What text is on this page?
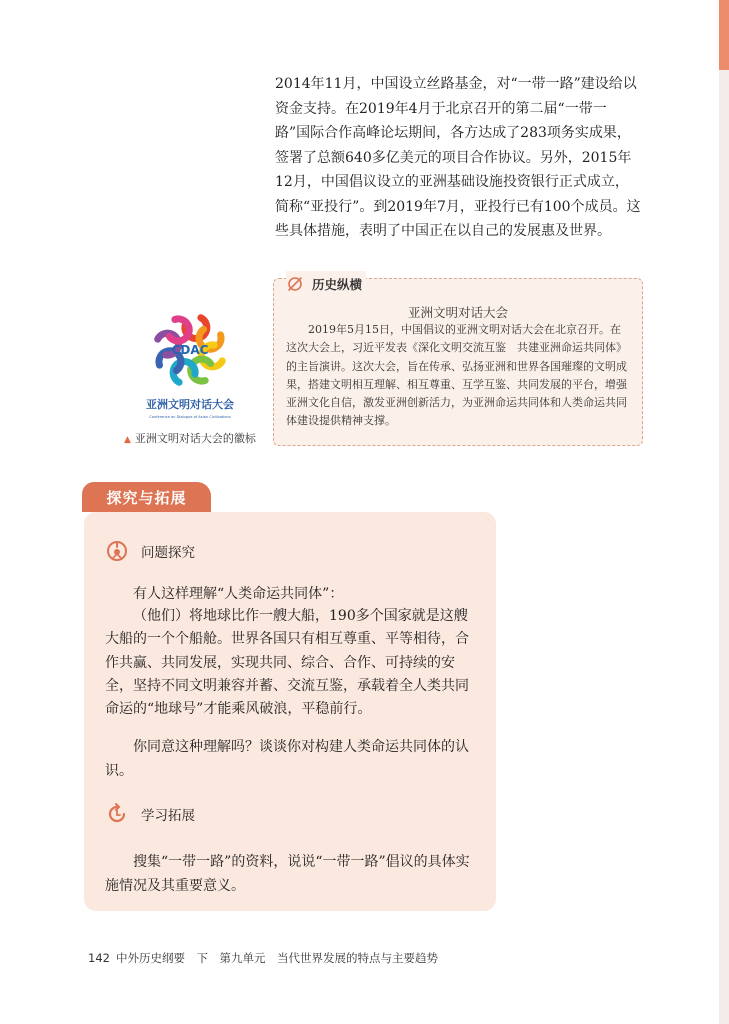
2014年11月，中国设立丝路基金，对“一带一路”建设给以资金支持。在2019年4月于北京召开的第二届“一带一路”国际合作高峰论坛期间，各方达成了283项务实成果，签署了总额640多亿美元的项目合作协议。另外，2015年12月，中国倡议设立的亚洲基础设施投资银行正式成立，简称“亚投行”。到2019年7月，亚投行已有100个成员。这些具体措施，表明了中国正在以自己的发展惠及世界。

CDAC
亚洲文明对话大会
Conference on Dialogue of Asian Civilizations
▲ 亚洲文明对话大会的徽标
历史纵横
亚洲文明对话大会

2019年5月15日，中国倡议的亚洲文明对话大会在北京召开。在这次大会上，习近平发表《深化文明交流互鉴　共建亚洲命运共同体》的主旨演讲。这次大会，旨在传承、弘扬亚洲和世界各国璀璨的文明成果，搭建文明相互理解、相互尊重、互学互鉴、共同发展的平台，增强亚洲文化自信，激发亚洲创新活力，为亚洲命运共同体和人类命运共同体建设提供精神支撑。

探究与拓展
问题探究

有人这样理解“人类命运共同体”：

（他们）将地球比作一艘大船，190多个国家就是这艘大船的一个个船舱。世界各国只有相互尊重、平等相待，合作共赢、共同发展，实现共同、综合、合作、可持续的安全，坚持不同文明兼容并蓄、交流互鉴，承载着全人类共同命运的“地球号”才能乘风破浪，平稳前行。

你同意这种理解吗？谈谈你对构建人类命运共同体的认识。

学习拓展

搜集“一带一路”的资料，说说“一带一路”倡议的具体实施情况及其重要意义。

142 中外历史纲要　下　第九单元　当代世界发展的特点与主要趋势
